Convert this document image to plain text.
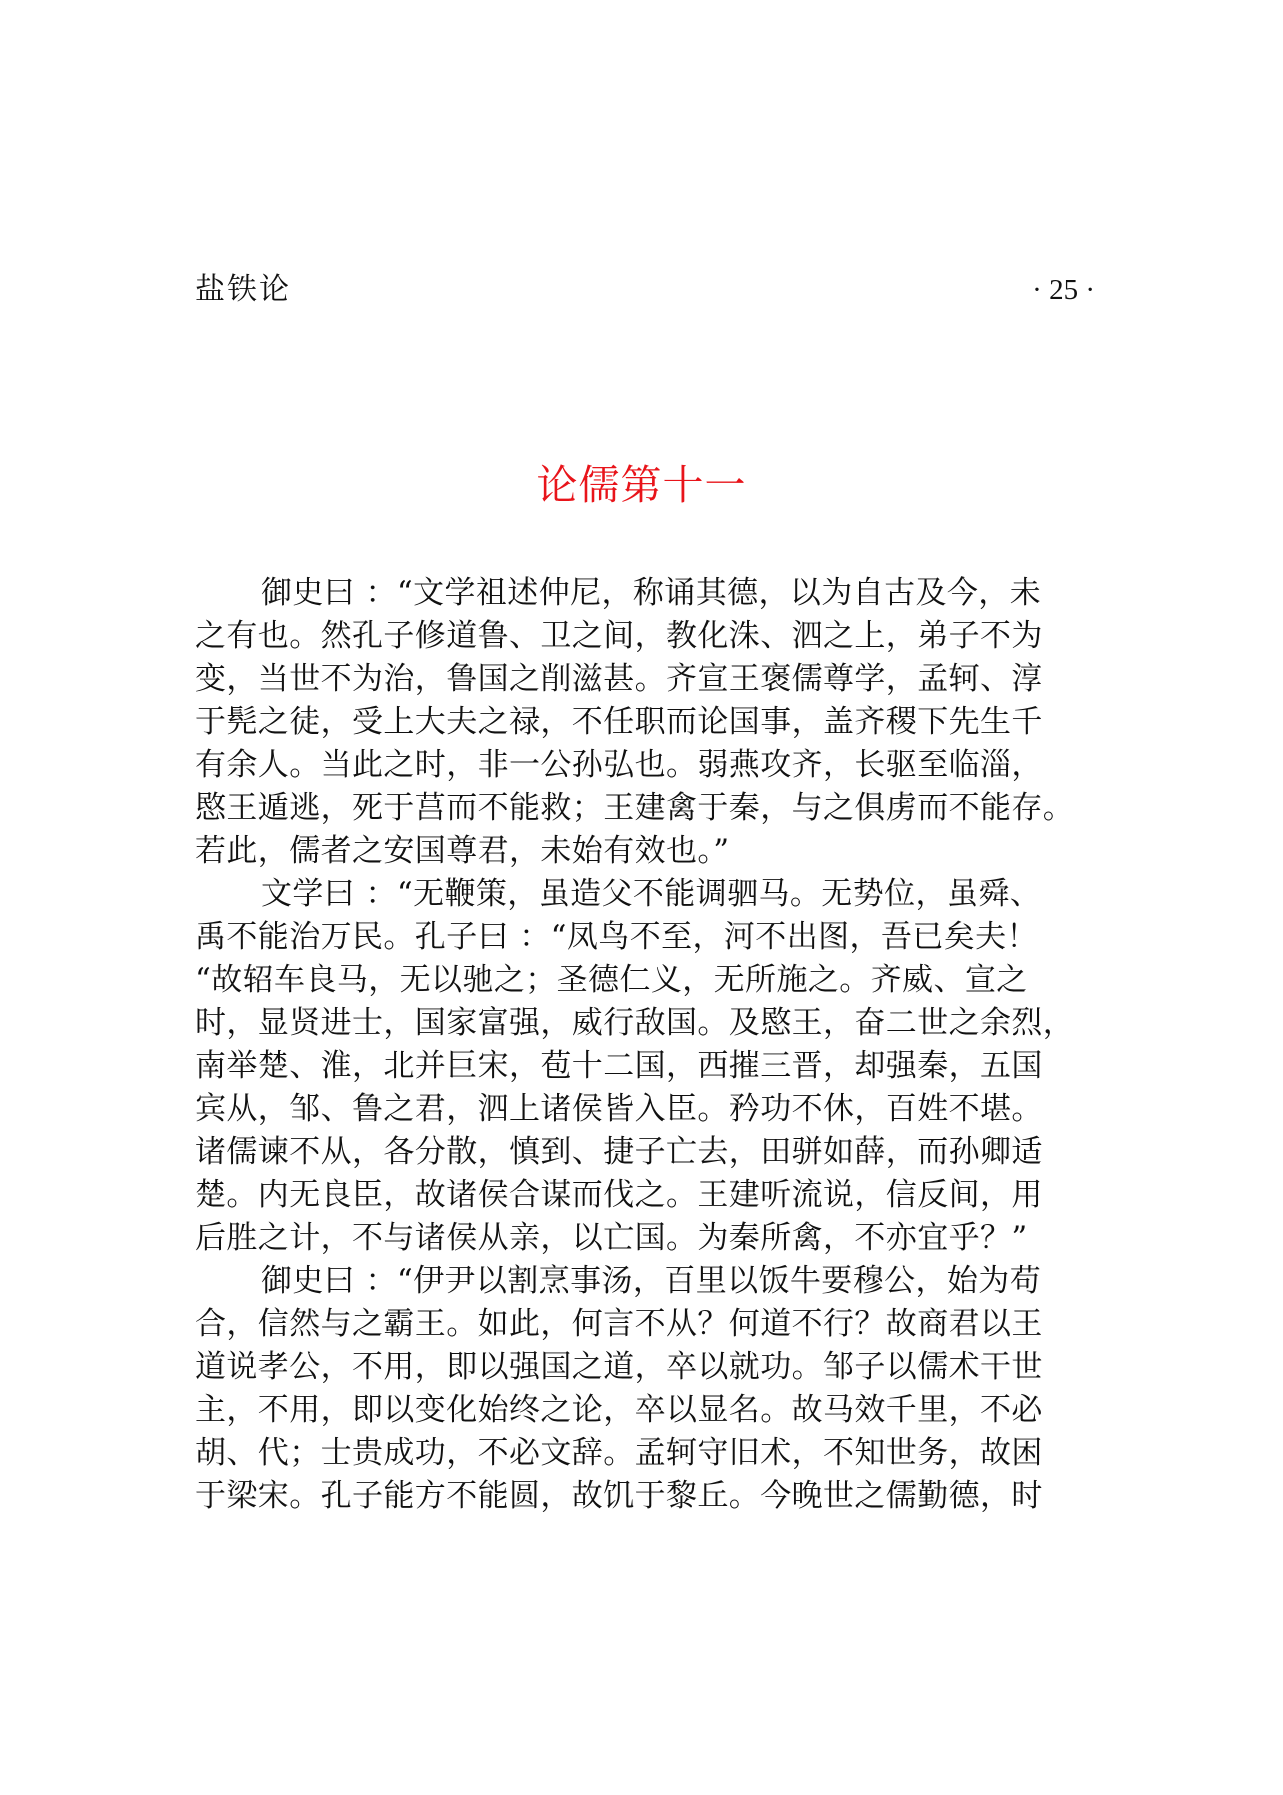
盐铁论	· 25 ·
论儒第十一
御史曰 ：“文学祖述仲尼，称诵其德，以为自古及今，未
之有也。然孔子修道鲁、卫之间，教化洙、泗之上，弟子不为
变，当世不为治，鲁国之削滋甚。齐宣王褒儒尊学，孟轲、淳
于髡之徒，受上大夫之禄，不任职而论国事，盖齐稷下先生千
有余人。当此之时，非一公孙弘也。弱燕攻齐，长驱至临淄，
愍王遁逃，死于莒而不能救；王建禽于秦，与之俱虏而不能存。
若此，儒者之安国尊君，未始有效也。”
文学曰 ：“无鞭策，虽造父不能调驷马。无势位，虽舜、
禹不能治万民。孔子曰 ：“凤鸟不至，河不出图，吾已矣夫！
“故轺车良马，无以驰之；圣德仁义，无所施之。齐威、宣之
时，显贤进士，国家富强，威行敌国。及愍王，奋二世之余烈，
南举楚、淮，北并巨宋，苞十二国，西摧三晋，却强秦，五国
宾从，邹、鲁之君，泗上诸侯皆入臣。矜功不休，百姓不堪。
诸儒谏不从，各分散，慎到、捷子亡去，田骈如薛，而孙卿适
楚。内无良臣，故诸侯合谋而伐之。王建听流说，信反间，用
后胜之计，不与诸侯从亲，以亡国。为秦所禽，不亦宜乎？”
御史曰 ：“伊尹以割烹事汤，百里以饭牛要穆公，始为苟
合，信然与之霸王。如此，何言不从？何道不行？故商君以王
道说孝公，不用，即以强国之道，卒以就功。邹子以儒术干世
主，不用，即以变化始终之论，卒以显名。故马效千里，不必
胡、代；士贵成功，不必文辞。孟轲守旧术，不知世务，故困
于梁宋。孔子能方不能圆，故饥于黎丘。今晚世之儒勤德，时
